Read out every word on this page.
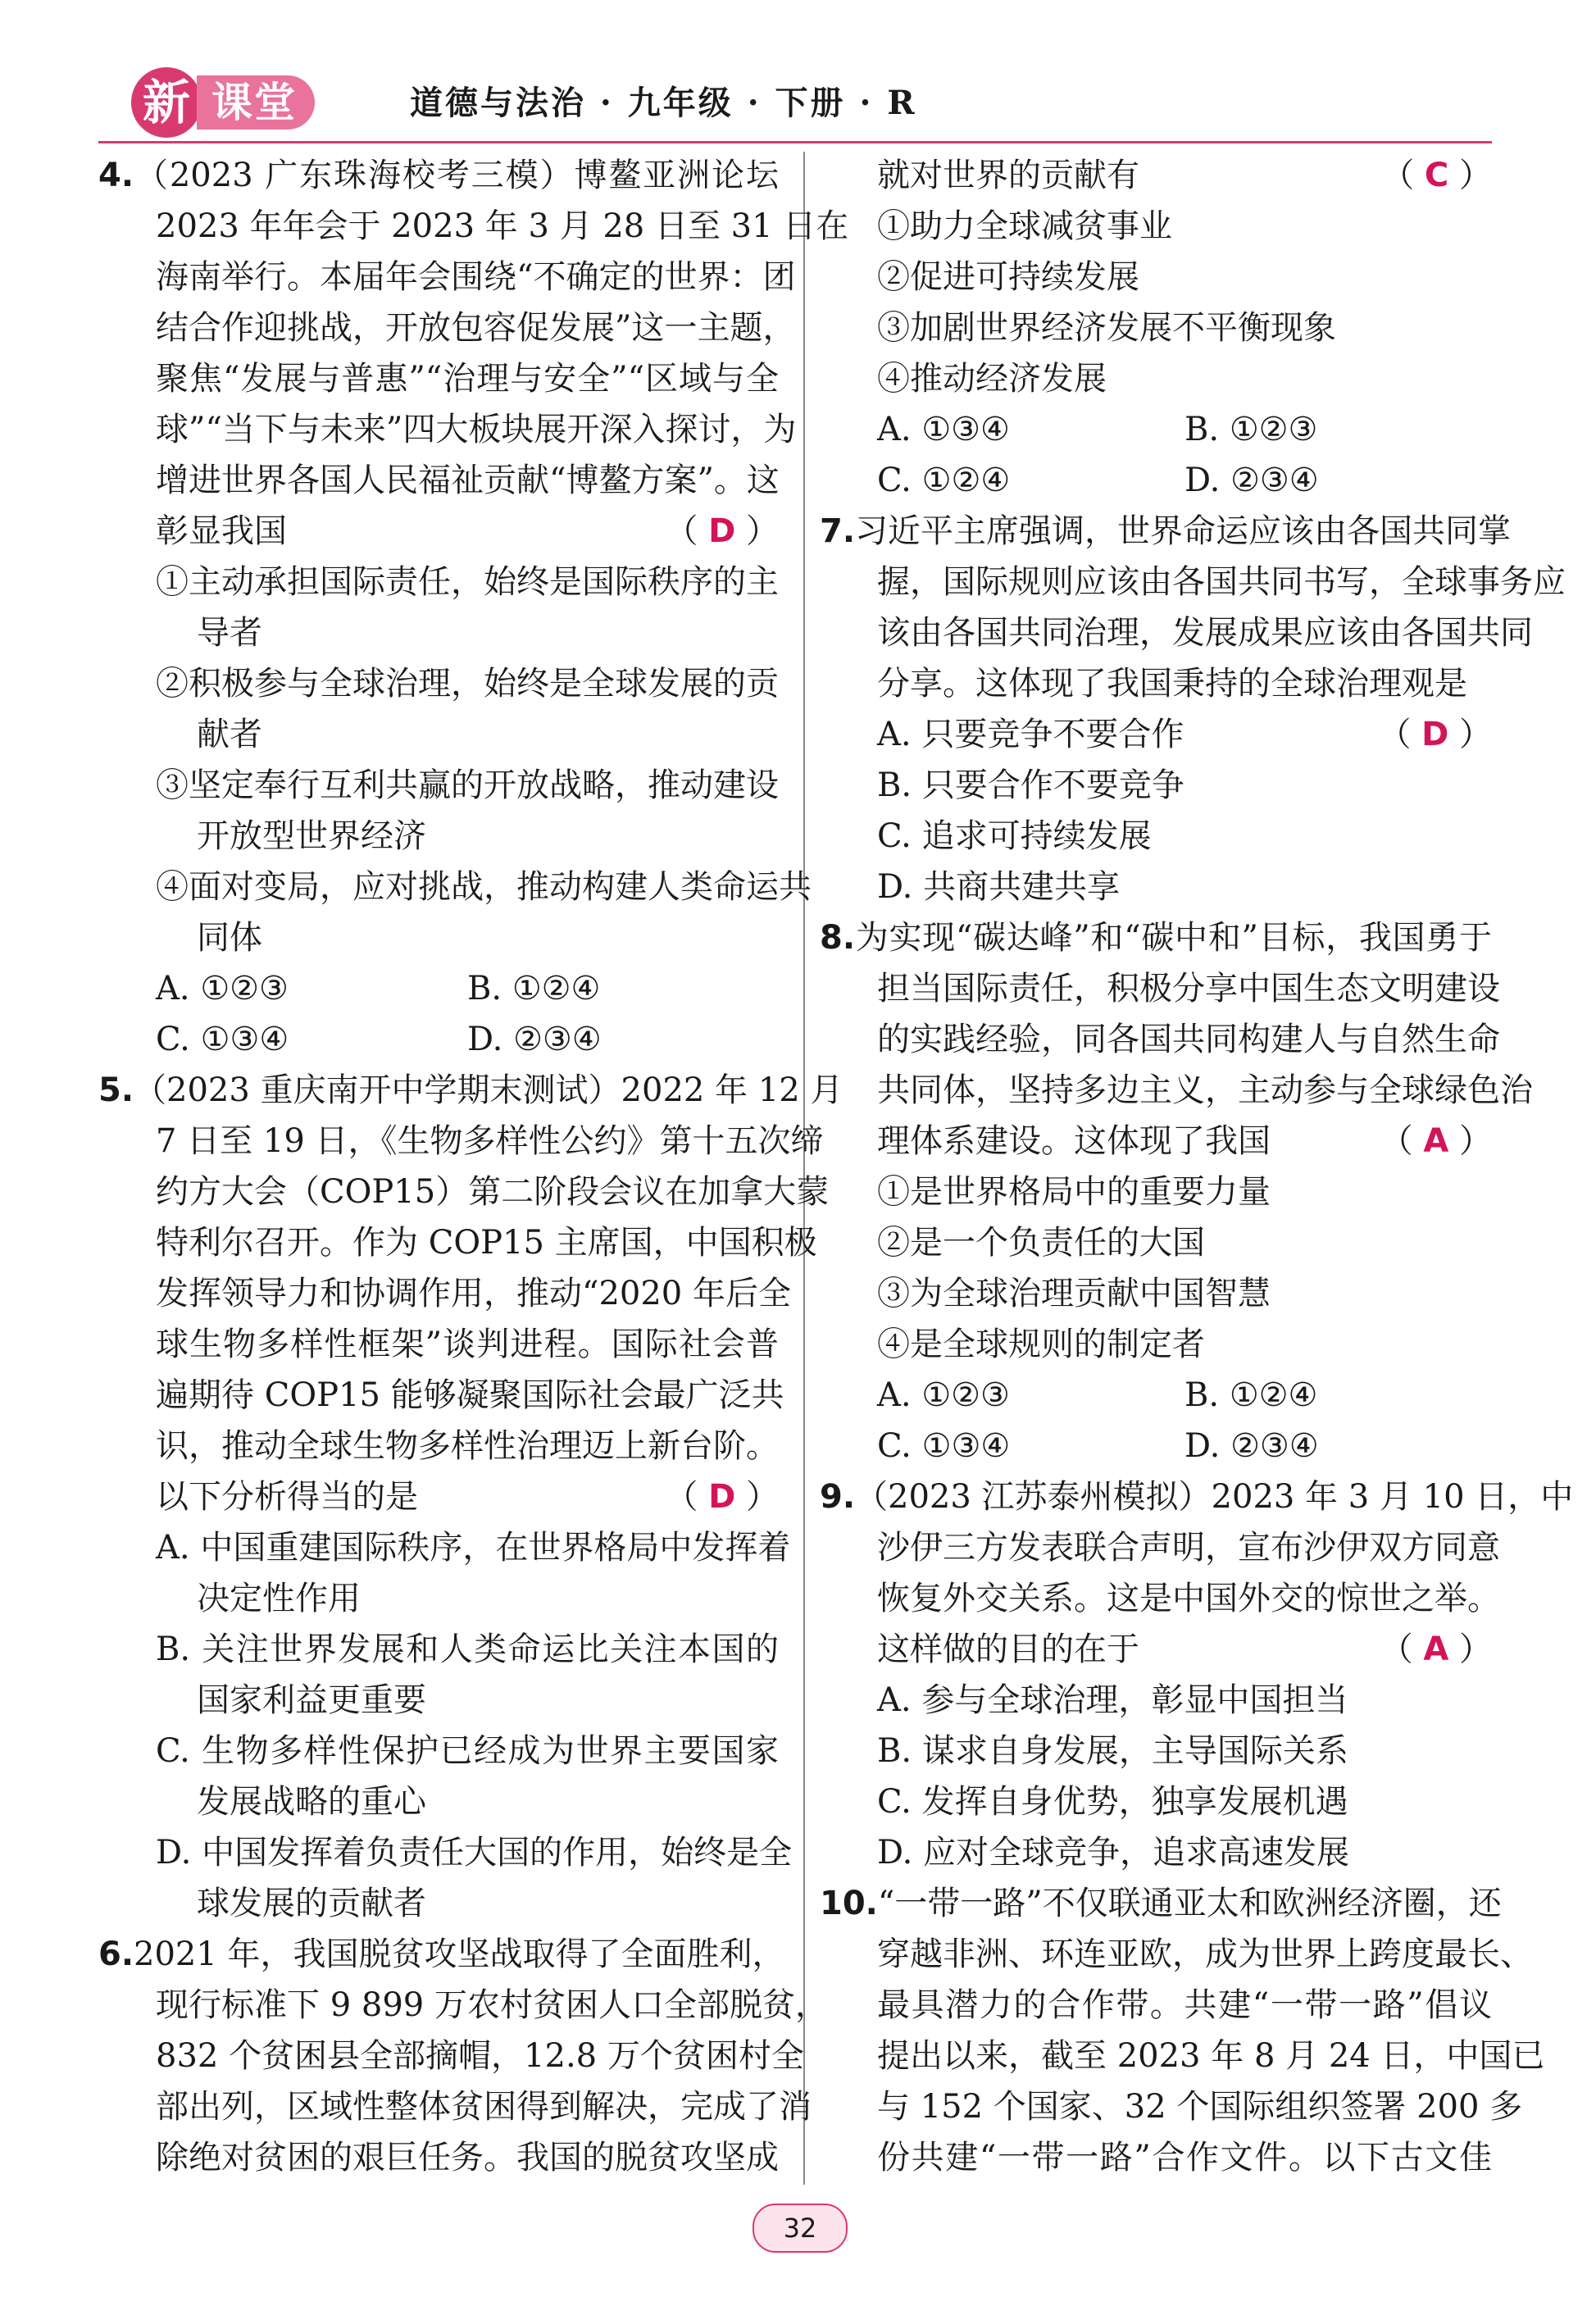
新 课堂	道德与法治 · 九年级 · 下册 · R
4.（2023 广东珠海校考三模）博鳌亚洲论坛
2023 年年会于 2023 年 3 月 28 日至 31 日在
海南举行。本届年会围绕“不确定的世界：团
结合作迎挑战，开放包容促发展”这一主题，
聚焦“发展与普惠”“治理与安全”“区域与全
球”“当下与未来”四大板块展开深入探讨，为
增进世界各国人民福祉贡献“博鳌方案”。这
彰显我国	（ D ）
①主动承担国际责任，始终是国际秩序的主
导者
②积极参与全球治理，始终是全球发展的贡
献者
③坚定奉行互利共赢的开放战略，推动建设
开放型世界经济
④面对变局，应对挑战，推动构建人类命运共
同体
A. ①②③	B. ①②④
C. ①③④	D. ②③④
5.（2023 重庆南开中学期末测试）2022 年 12 月
7 日至 19 日，《生物多样性公约》第十五次缔
约方大会（COP15）第二阶段会议在加拿大蒙
特利尔召开。作为 COP15 主席国，中国积极
发挥领导力和协调作用，推动“2020 年后全
球生物多样性框架”谈判进程。国际社会普
遍期待 COP15 能够凝聚国际社会最广泛共
识，推动全球生物多样性治理迈上新台阶。
以下分析得当的是	（ D ）
A. 中国重建国际秩序，在世界格局中发挥着
决定性作用
B. 关注世界发展和人类命运比关注本国的
国家利益更重要
C. 生物多样性保护已经成为世界主要国家
发展战略的重心
D. 中国发挥着负责任大国的作用，始终是全
球发展的贡献者
6.2021 年，我国脱贫攻坚战取得了全面胜利，
现行标准下 9 899 万农村贫困人口全部脱贫，
832 个贫困县全部摘帽，12.8 万个贫困村全
部出列，区域性整体贫困得到解决，完成了消
除绝对贫困的艰巨任务。我国的脱贫攻坚成
就对世界的贡献有	（ C ）
①助力全球减贫事业
②促进可持续发展
③加剧世界经济发展不平衡现象
④推动经济发展
A. ①③④	B. ①②③
C. ①②④	D. ②③④
7.习近平主席强调，世界命运应该由各国共同掌
握，国际规则应该由各国共同书写，全球事务应
该由各国共同治理，发展成果应该由各国共同
分享。这体现了我国秉持的全球治理观是
（ D ）
A. 只要竞争不要合作
B. 只要合作不要竞争
C. 追求可持续发展
D. 共商共建共享
8.为实现“碳达峰”和“碳中和”目标，我国勇于
担当国际责任，积极分享中国生态文明建设
的实践经验，同各国共同构建人与自然生命
共同体，坚持多边主义，主动参与全球绿色治
理体系建设。这体现了我国	（ A ）
①是世界格局中的重要力量
②是一个负责任的大国
③为全球治理贡献中国智慧
④是全球规则的制定者
A. ①②③	B. ①②④
C. ①③④	D. ②③④
9.（2023 江苏泰州模拟）2023 年 3 月 10 日，中
沙伊三方发表联合声明，宣布沙伊双方同意
恢复外交关系。这是中国外交的惊世之举。
这样做的目的在于	（ A ）
A. 参与全球治理，彰显中国担当
B. 谋求自身发展，主导国际关系
C. 发挥自身优势，独享发展机遇
D. 应对全球竞争，追求高速发展
10.“一带一路”不仅联通亚太和欧洲经济圈，还
穿越非洲、环连亚欧，成为世界上跨度最长、
最具潜力的合作带。共建“一带一路”倡议
提出以来，截至 2023 年 8 月 24 日，中国已
与 152 个国家、32 个国际组织签署 200 多
份共建“一带一路”合作文件。以下古文佳
32
